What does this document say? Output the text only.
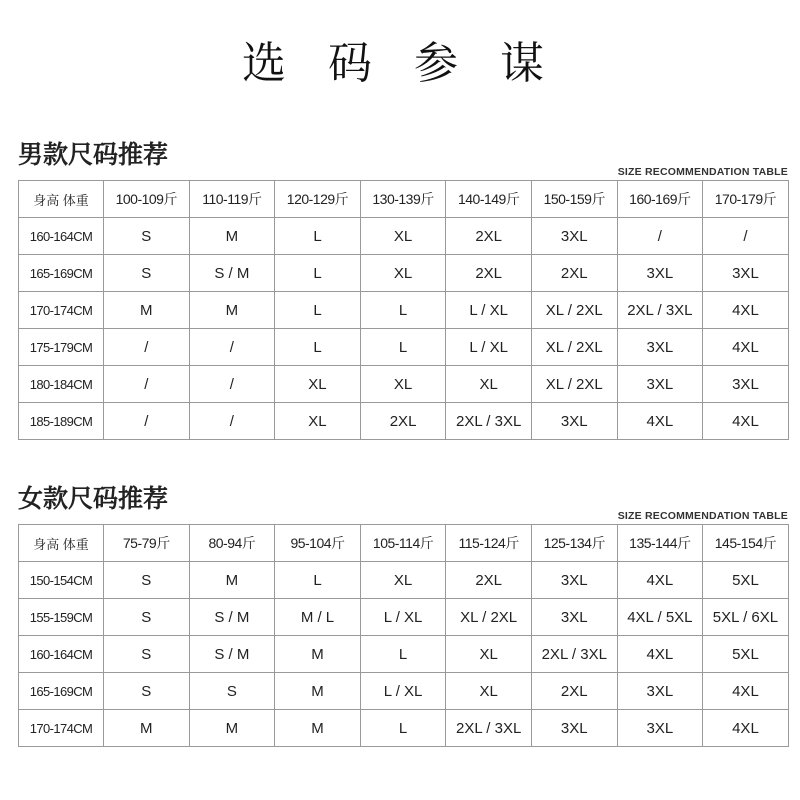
选 码 参 谋
男款尺码推荐
SIZE RECOMMENDATION TABLE
身高 体重	100-109斤	110-119斤	120-129斤	130-139斤	140-149斤	150-159斤	160-169斤	170-179斤
160-164CM	S	M	L	XL	2XL	3XL	/	/
165-169CM	S	S / M	L	XL	2XL	2XL	3XL	3XL
170-174CM	M	M	L	L	L / XL	XL / 2XL	2XL / 3XL	4XL
175-179CM	/	/	L	L	L / XL	XL / 2XL	3XL	4XL
180-184CM	/	/	XL	XL	XL	XL / 2XL	3XL	3XL
185-189CM	/	/	XL	2XL	2XL / 3XL	3XL	4XL	4XL
女款尺码推荐
SIZE RECOMMENDATION TABLE
身高 体重	75-79斤	80-94斤	95-104斤	105-114斤	115-124斤	125-134斤	135-144斤	145-154斤
150-154CM	S	M	L	XL	2XL	3XL	4XL	5XL
155-159CM	S	S / M	M / L	L / XL	XL / 2XL	3XL	4XL / 5XL	5XL / 6XL
160-164CM	S	S / M	M	L	XL	2XL / 3XL	4XL	5XL
165-169CM	S	S	M	L / XL	XL	2XL	3XL	4XL
170-174CM	M	M	M	L	2XL / 3XL	3XL	3XL	4XL
